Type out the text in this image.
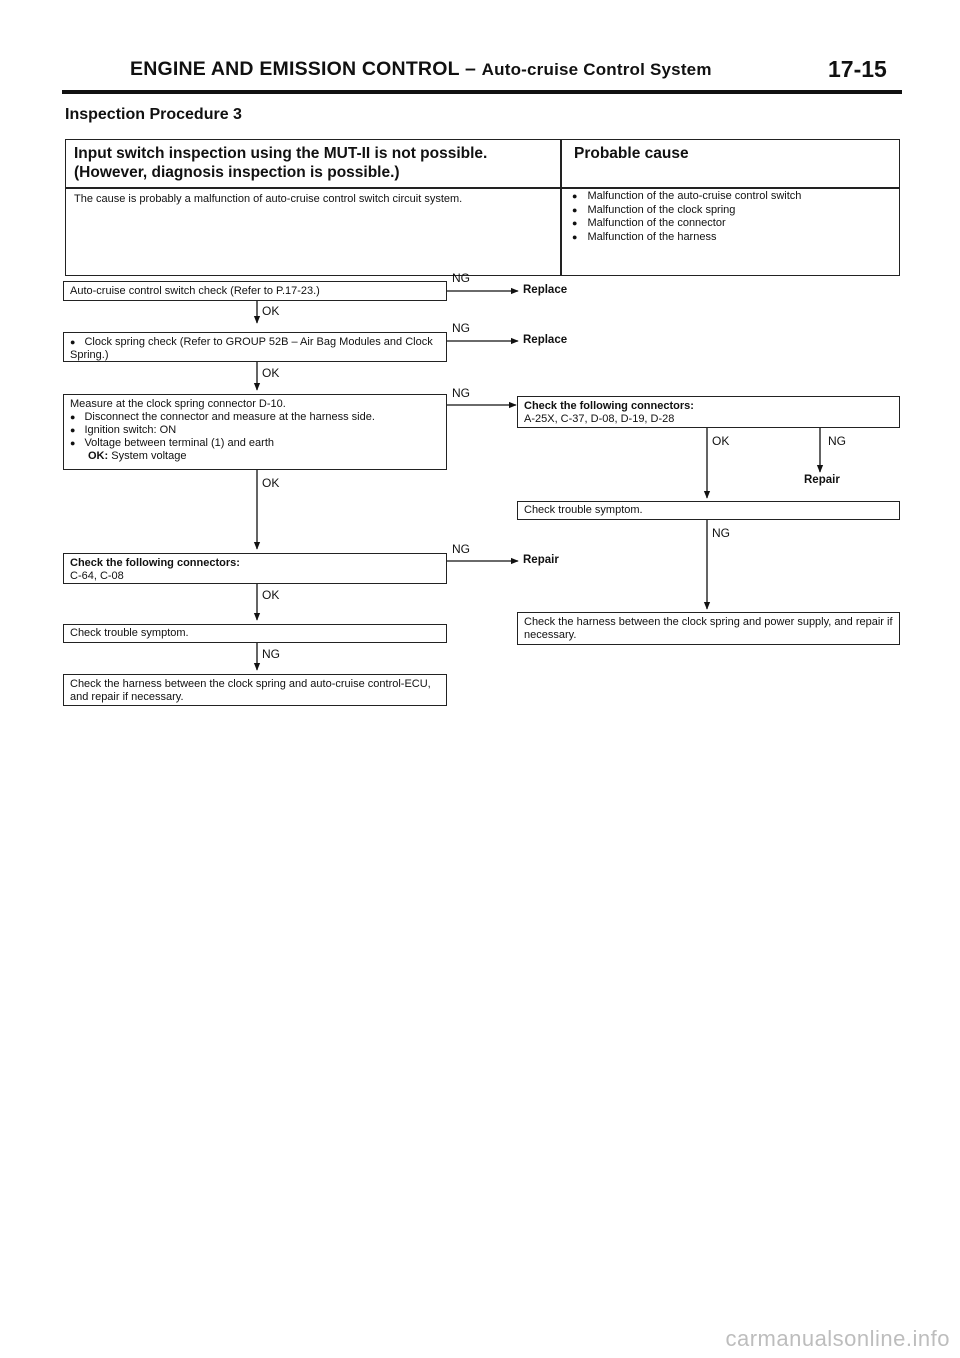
ENGINE AND EMISSION CONTROL – Auto-cruise Control System	17-15
Inspection Procedure 3
Input switch inspection using the MUT-II is not possible. (However, diagnosis inspection is possible.)
Probable cause
The cause is probably a malfunction of auto-cruise control switch circuit system.
●	Malfunction of the auto-cruise control switch
● Malfunction of the clock spring
● Malfunction of the connector
● Malfunction of the harness
Auto-cruise control switch check (Refer to P.17-23.)
● Clock spring check (Refer to GROUP 52B – Air Bag Modules and Clock Spring.)
Measure at the clock spring connector D-10.
● Disconnect the connector and measure at the harness side.
● Ignition switch: ON
● Voltage between terminal (1) and earth
OK: System voltage
Check the following connectors:
C-64, C-08
Check trouble symptom.
Check the harness between the clock spring and auto-cruise control-ECU, and repair if necessary.
Check the following connectors:
A-25X, C-37, D-08, D-19, D-28
Check trouble symptom.
Check the harness between the clock spring and power supply, and repair if necessary.
OK
OK
OK
OK
NG
NG
NG
NG
NG
OK	NG
NG
Replace
Replace
Repair
Repair
carmanualsonline.info
